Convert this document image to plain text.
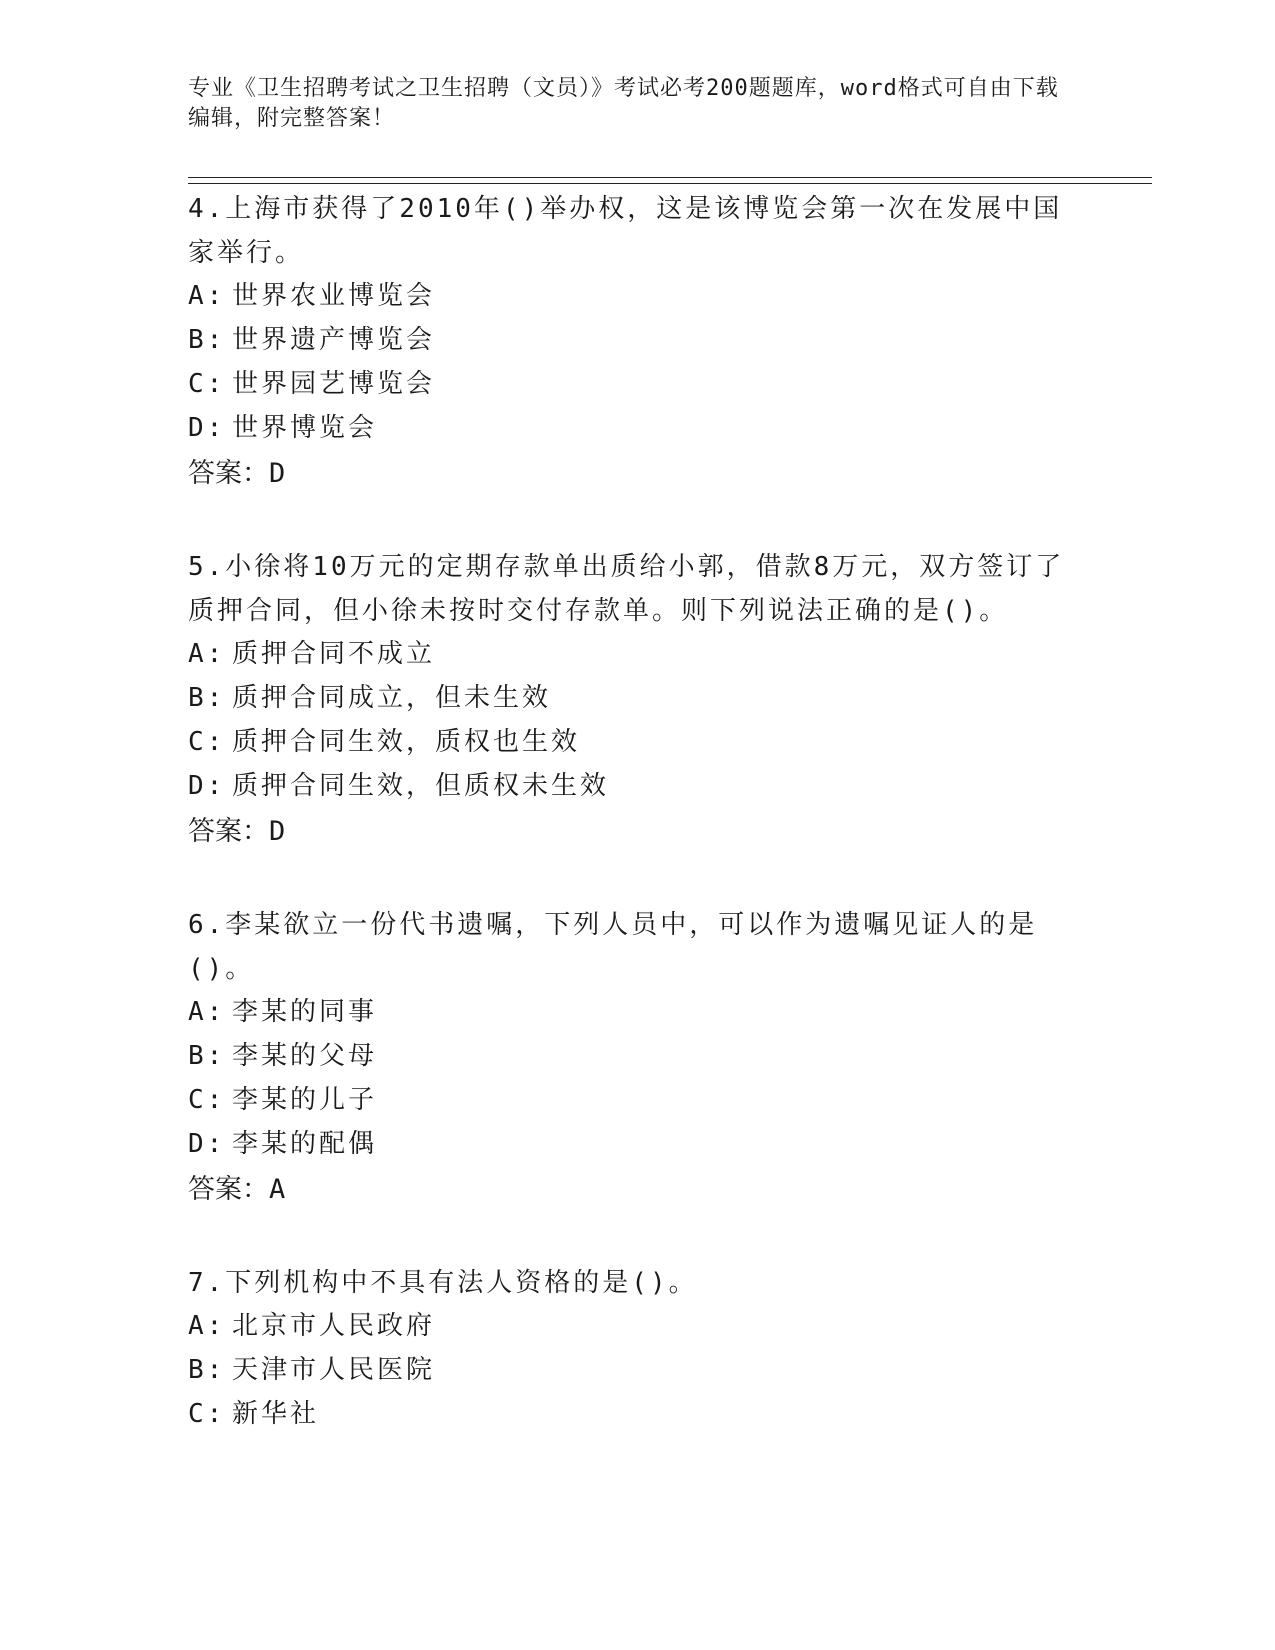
专业《卫生招聘考试之卫生招聘（文员）》考试必考200题题库，word格式可自由下载编辑，附完整答案！
4.上海市获得了2010年()举办权，这是该博览会第一次在发展中国家举行。
A: 世界农业博览会
B: 世界遗产博览会
C: 世界园艺博览会
D: 世界博览会
答案：D
5.小徐将10万元的定期存款单出质给小郭，借款8万元，双方签订了质押合同，但小徐未按时交付存款单。则下列说法正确的是()。
A: 质押合同不成立
B: 质押合同成立，但未生效
C: 质押合同生效，质权也生效
D: 质押合同生效，但质权未生效
答案：D
6.李某欲立一份代书遗嘱，下列人员中，可以作为遗嘱见证人的是()。
A: 李某的同事
B: 李某的父母
C: 李某的儿子
D: 李某的配偶
答案：A
7.下列机构中不具有法人资格的是()。
A: 北京市人民政府
B: 天津市人民医院
C: 新华社
